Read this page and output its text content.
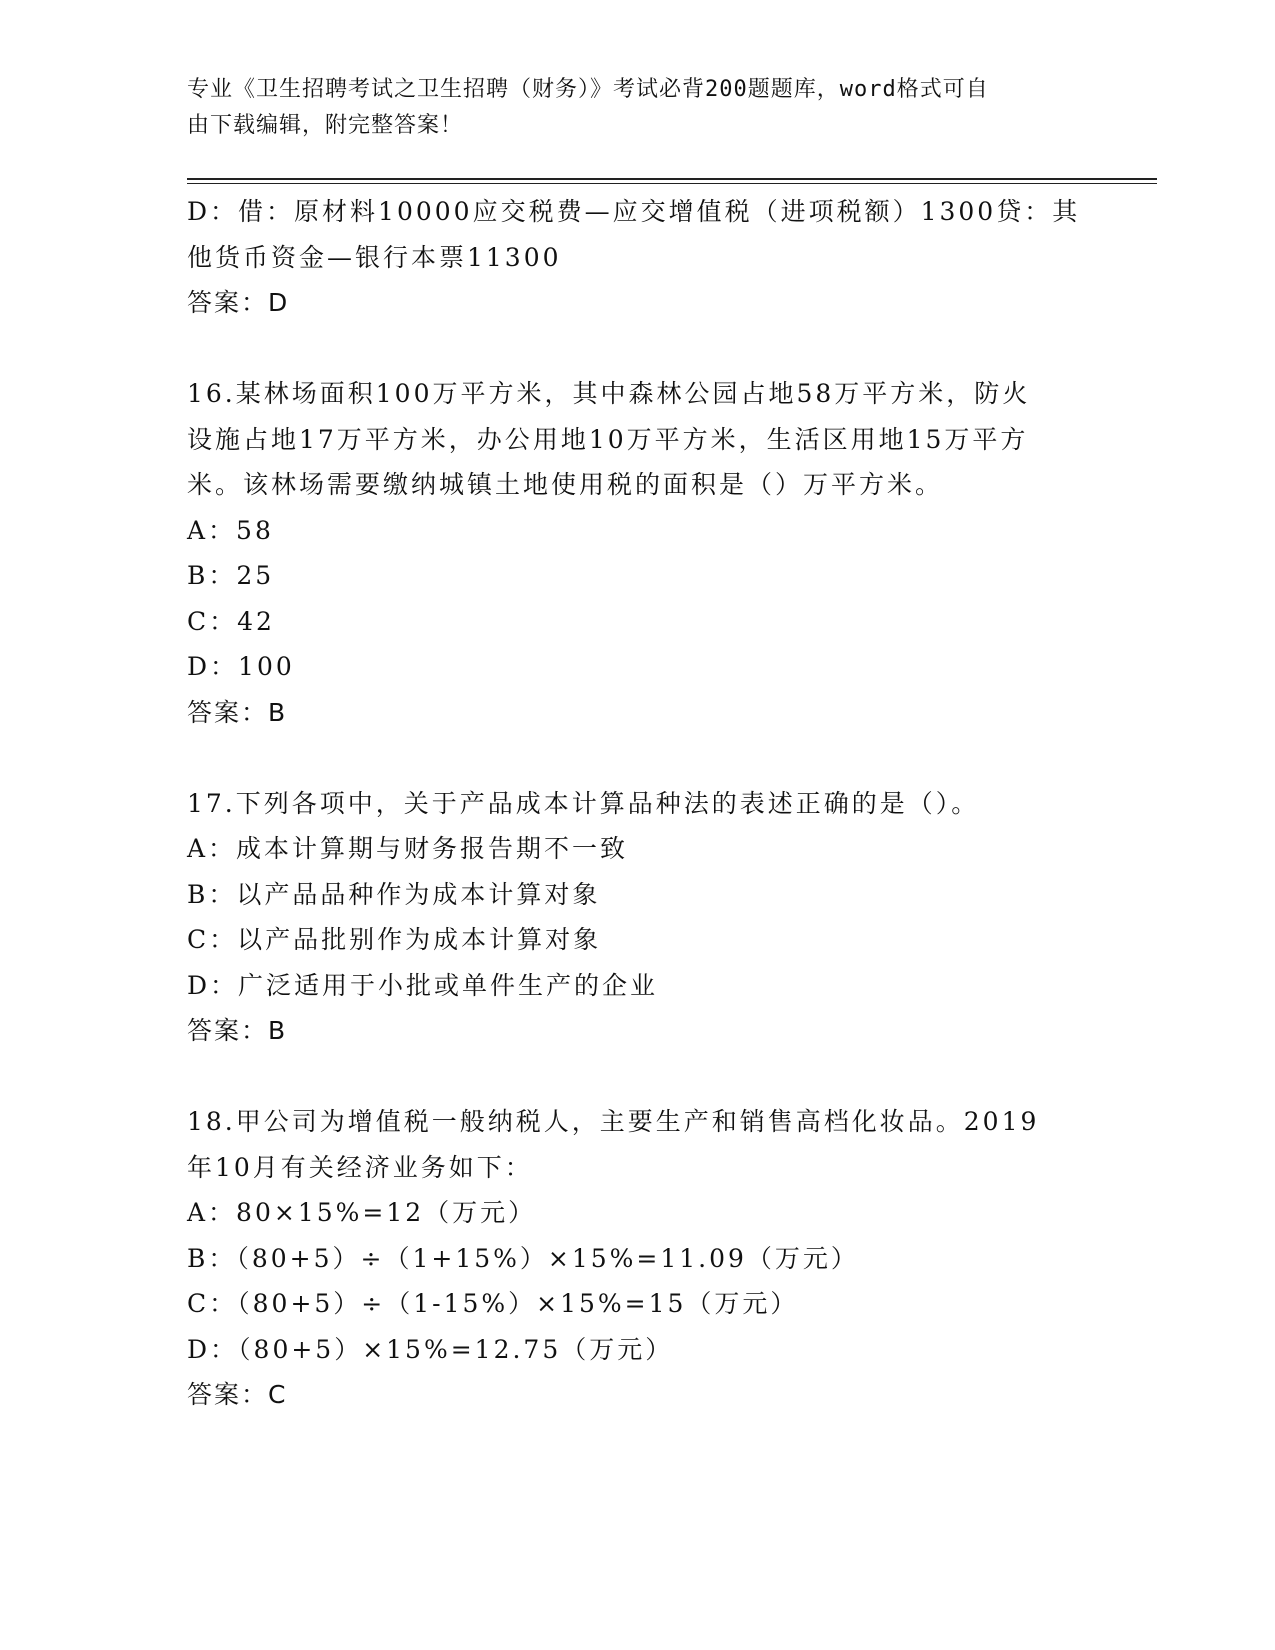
专业《卫生招聘考试之卫生招聘（财务）》考试必背200题题库，word格式可自
由下载编辑，附完整答案！
D：借：原材料10000应交税费—应交增值税（进项税额）1300贷：其
他货币资金—银行本票11300
答案：D
16.某林场面积100万平方米，其中森林公园占地58万平方米，防火
设施占地17万平方米，办公用地10万平方米，生活区用地15万平方
米。该林场需要缴纳城镇土地使用税的面积是（）万平方米。
A：58
B：25
C：42
D：100
答案：B
17.下列各项中，关于产品成本计算品种法的表述正确的是（）。
A：成本计算期与财务报告期不一致
B：以产品品种作为成本计算对象
C：以产品批别作为成本计算对象
D：广泛适用于小批或单件生产的企业
答案：B
18.甲公司为增值税一般纳税人，主要生产和销售高档化妆品。2019
年10月有关经济业务如下：
A：80×15%=12（万元）
B：（80+5）÷（1+15%）×15%=11.09（万元）
C：（80+5）÷（1-15%）×15%=15（万元）
D：（80+5）×15%=12.75（万元）
答案：C
